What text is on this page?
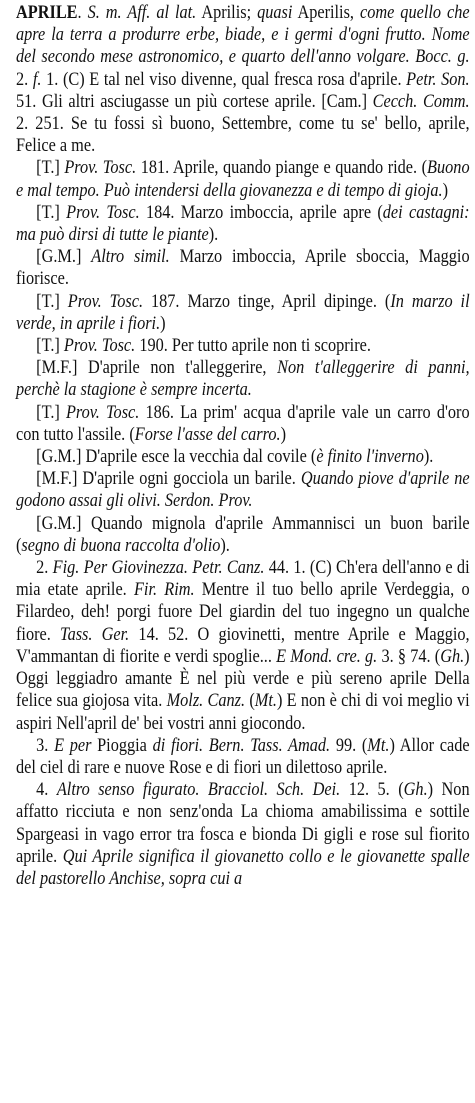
APRILE. S. m. Aff. al lat. Aprilis; quasi Aperilis, come quello che apre la terra a produrre erbe, biade, e i germi d'ogni frutto. Nome del secondo mese astronomico, e quarto dell'anno volgare. Bocc. g. 2. f. 1. (C) E tal nel viso divenne, qual fresca rosa d'aprile. Petr. Son. 51. Gli altri asciugasse un più cortese aprile. [Cam.] Cecch. Comm. 2. 251. Se tu fossi sì buono, Settembre, come tu se' bello, aprile, Felice a me.

[T.] Prov. Tosc. 181. Aprile, quando piange e quando ride. (Buono e mal tempo. Può intendersi della giovanezza e di tempo di gioja.)

[T.] Prov. Tosc. 184. Marzo imboccia, aprile apre (dei castagni: ma può dirsi di tutte le piante).

[G.M.] Altro simil. Marzo imboccia, Aprile sboccia, Maggio fiorisce.

[T.] Prov. Tosc. 187. Marzo tinge, April dipinge. (In marzo il verde, in aprile i fiori.)

[T.] Prov. Tosc. 190. Per tutto aprile non ti scoprire.

[M.F.] D'aprile non t'alleggerire, Non t'alleggerire di panni, perchè la stagione è sempre incerta.

[T.] Prov. Tosc. 186. La prim' acqua d'aprile vale un carro d'oro con tutto l'assile. (Forse l'asse del carro.)

[G.M.] D'aprile esce la vecchia dal covile (è finito l'inverno).

[M.F.] D'aprile ogni gocciola un barile. Quando piove d'aprile ne godono assai gli olivi. Serdon. Prov.

[G.M.] Quando mignola d'aprile Ammannisci un buon barile (segno di buona raccolta d'olio).

2. Fig. Per Giovinezza. Petr. Canz. 44. 1. (C) Ch'era dell'anno e di mia etate aprile. Fir. Rim. Mentre il tuo bello aprile Verdeggia, o Filardeo, deh! porgi fuore Del giardin del tuo ingegno un qualche fiore. Tass. Ger. 14. 52. O giovinetti, mentre Aprile e Maggio, V'ammantan di fiorite e verdi spoglie... E Mond. cre. g. 3. § 74. (Gh.) Oggi leggiadro amante È nel più verde e più sereno aprile Della felice sua giojosa vita. Molz. Canz. (Mt.) E non è chi di voi meglio vi aspiri Nell'april de' bei vostri anni giocondo.

3. E per Pioggia di fiori. Bern. Tass. Amad. 99. (Mt.) Allor cade del ciel di rare e nuove Rose e di fiori un dilettoso aprile.

4. Altro senso figurato. Bracciol. Sch. Dei. 12. 5. (Gh.) Non affatto ricciuta e non senz'onda La chioma amabilissima e sottile Spargeasi in vago error tra fosca e bionda Di gigli e rose sul fiorito aprile. Qui Aprile significa il giovanetto collo e le giovanette spalle del pastorello Anchise, sopra cui a
